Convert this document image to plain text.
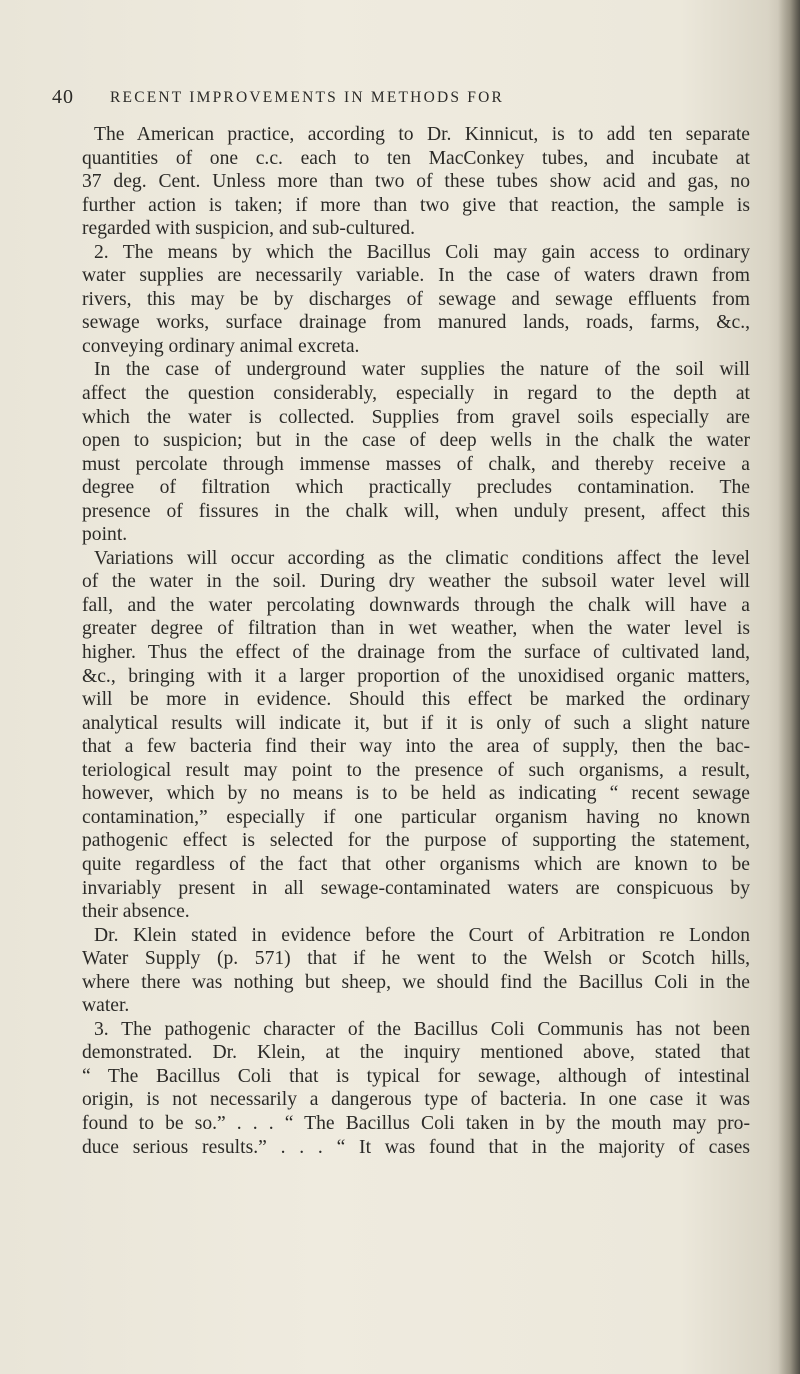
40 RECENT IMPROVEMENTS IN METHODS FOR

The American practice, according to Dr. Kinnicut, is to add ten separate
quantities of one c.c. each to ten MacConkey tubes, and incubate at
37 deg. Cent. Unless more than two of these tubes show acid and gas, no
further action is taken; if more than two give that reaction, the sample is
regarded with suspicion, and sub-cultured.

2. The means by which the Bacillus Coli may gain access to ordinary
water supplies are necessarily variable. In the case of waters drawn from
rivers, this may be by discharges of sewage and sewage effluents from
sewage works, surface drainage from manured lands, roads, farms, &c.,
conveying ordinary animal excreta.

In the case of underground water supplies the nature of the soil will
affect the question considerably, especially in regard to the depth at
which the water is collected. Supplies from gravel soils especially are
open to suspicion; but in the case of deep wells in the chalk the water
must percolate through immense masses of chalk, and thereby receive a
degree of filtration which practically precludes contamination. The
presence of fissures in the chalk will, when unduly present, affect this
point.

Variations will occur according as the climatic conditions affect the level
of the water in the soil. During dry weather the subsoil water level will
fall, and the water percolating downwards through the chalk will have a
greater degree of filtration than in wet weather, when the water level is
higher. Thus the effect of the drainage from the surface of cultivated land,
&c., bringing with it a larger proportion of the unoxidised organic matters,
will be more in evidence. Should this effect be marked the ordinary
analytical results will indicate it, but if it is only of such a slight nature
that a few bacteria find their way into the area of supply, then the bac-
teriological result may point to the presence of such organisms, a result,
however, which by no means is to be held as indicating “ recent sewage
contamination,” especially if one particular organism having no known
pathogenic effect is selected for the purpose of supporting the statement,
quite regardless of the fact that other organisms which are known to be
invariably present in all sewage-contaminated waters are conspicuous by
their absence.

Dr. Klein stated in evidence before the Court of Arbitration re London
Water Supply (p. 571) that if he went to the Welsh or Scotch hills,
where there was nothing but sheep, we should find the Bacillus Coli in the
water.

3. The pathogenic character of the Bacillus Coli Communis has not been
demonstrated. Dr. Klein, at the inquiry mentioned above, stated that
“ The Bacillus Coli that is typical for sewage, although of intestinal
origin, is not necessarily a dangerous type of bacteria. In one case it was
found to be so.” . . . “ The Bacillus Coli taken in by the mouth may pro-
duce serious results.” . . . “ It was found that in the majority of cases
